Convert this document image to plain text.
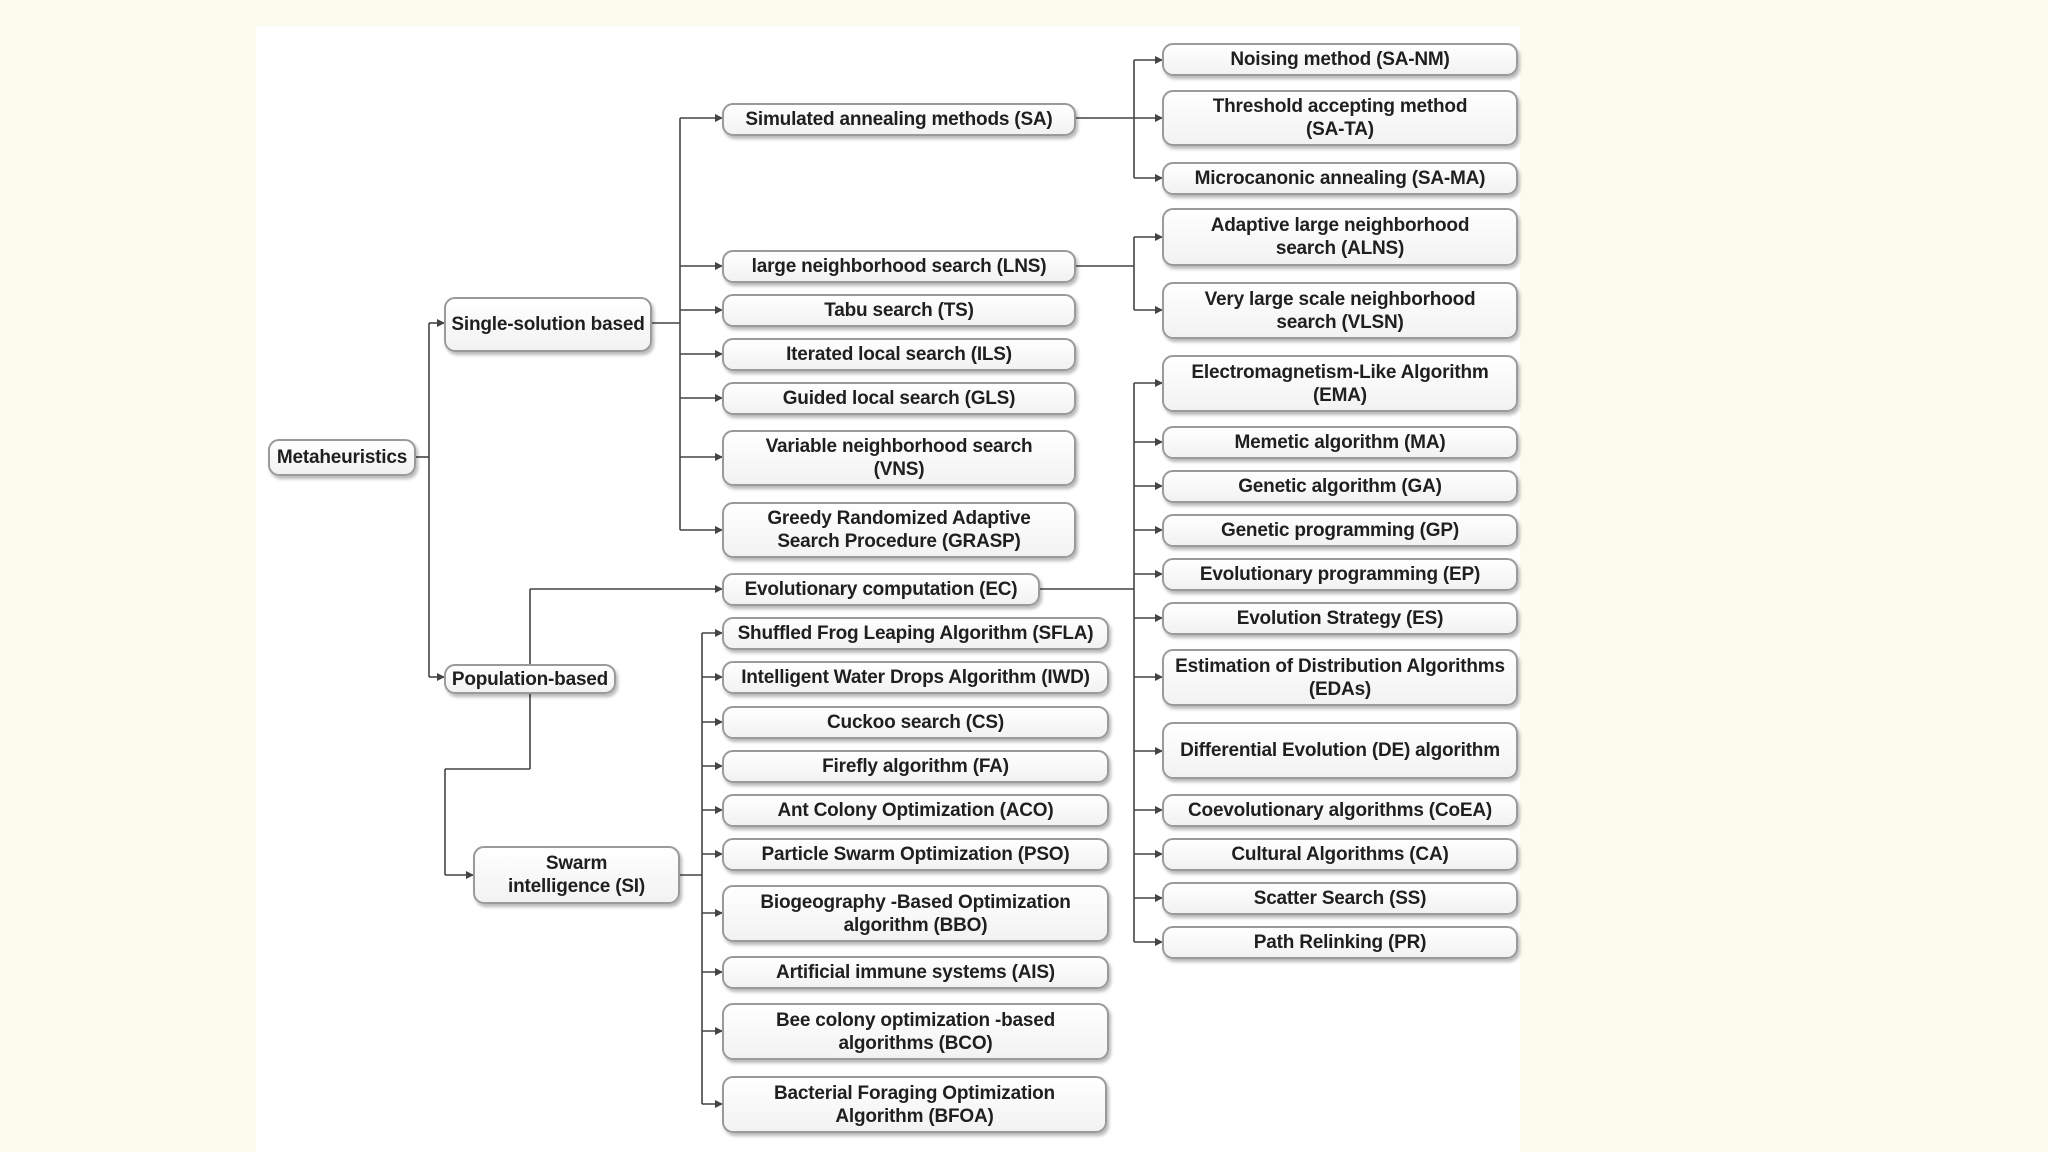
Metaheuristics
Single-solution based
Population-based
Swarm intelligence (SI)
Simulated annealing methods (SA)
large neighborhood search (LNS)
Tabu search (TS)
Iterated local search (ILS)
Guided local search (GLS)
Variable neighborhood search (VNS)
Greedy Randomized Adaptive Search Procedure (GRASP)
Noising method (SA-NM)
Threshold accepting method (SA-TA)
Microcanonic annealing (SA-MA)
Adaptive large neighborhood search (ALNS)
Very large scale neighborhood search (VLSN)
Evolutionary computation (EC)
Electromagnetism-Like Algorithm (EMA)
Memetic algorithm (MA)
Genetic algorithm (GA)
Genetic programming (GP)
Evolutionary programming (EP)
Evolution Strategy (ES)
Estimation of Distribution Algorithms (EDAs)
Differential Evolution (DE) algorithm
Coevolutionary algorithms (CoEA)
Cultural Algorithms (CA)
Scatter Search (SS)
Path Relinking (PR)
Shuffled Frog Leaping Algorithm (SFLA)
Intelligent Water Drops Algorithm (IWD)
Cuckoo search (CS)
Firefly algorithm (FA)
Ant Colony Optimization (ACO)
Particle Swarm Optimization (PSO)
Biogeography -Based Optimization algorithm (BBO)
Artificial immune systems (AIS)
Bee colony optimization -based algorithms (BCO)
Bacterial Foraging Optimization Algorithm (BFOA)
